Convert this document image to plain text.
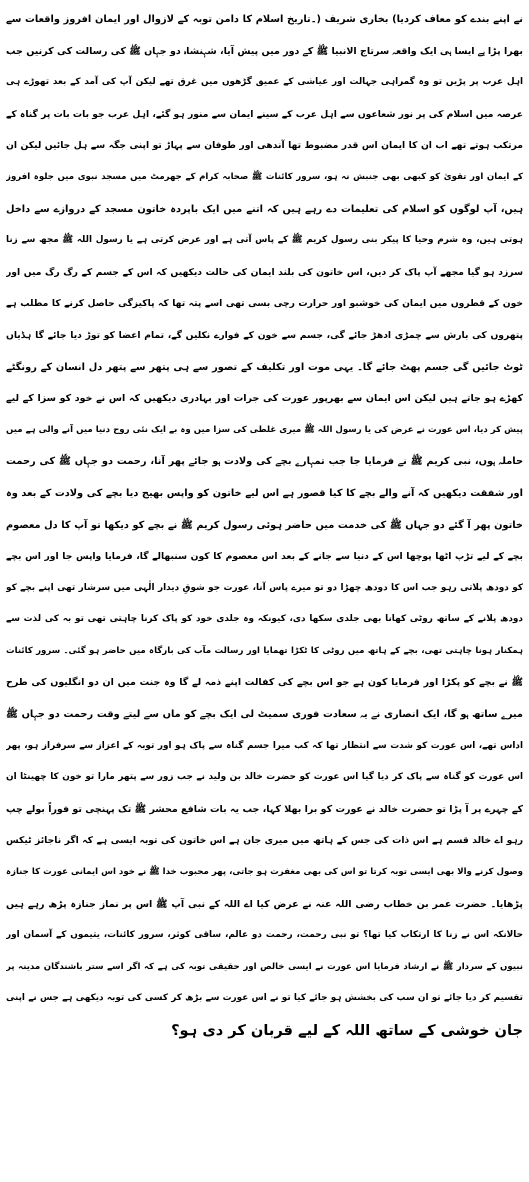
نے اپنے بندے کو معاف کردیا) بخاری شریف (۔تاریخ اسلام کا دامن توبہ کے لازوال اور ایمان افروز واقعات سے
بھرا پڑا ہے ایسا ہی ایک واقعہ سرتاج الانبیا ﷺ کے دور میں پیش آیا، شہنشاہ دو جہاں ﷺ کی رسالت کی کرنیں جب
اہل عرب پر پڑیں تو وہ گمراہی جہالت اور عیاشی کے عمیق گڑھوں میں غرق تھے لیکن آپ کی آمد کے بعد تھوڑے ہی
عرصہ میں اسلام کی پر نور شعاعوں سے اہل عرب کے سینے ایمان سے منور ہو گئے، اہل عرب جو بات بات پر گناہ کے
مرتکب ہوتے تھے اب ان کا ایمان اس قدر مضبوط تھا آندھی اور طوفان سے پہاڑ تو اپنی جگہ سے ہل جائیں لیکن ان
کے ایمان اور تقویٰ کو کبھی بھی جنبش نہ ہو، سرور کائنات ﷺ صحابہ کرام کے جھرمٹ میں مسجد نبوی میں جلوہ افروز
ہیں، آپ لوگوں کو اسلام کی تعلیمات دے رہے ہیں کہ اتنے میں ایک باپردہ خاتون مسجد کے دروازے سے داخل
ہوتی ہیں، وہ شرم وحیا کا پیکر بنی رسول کریم ﷺ کے پاس آتی ہے اور عرض کرتی ہے یا رسول اللہ ﷺ مجھ سے زنا
سرزد ہو گیا مجھے آپ پاک کر دیں، اس خاتون کی بلند ایمان کی حالت دیکھیں کہ اس کے جسم کے رگ رگ میں اور
خون کے قطروں میں ایمان کی خوشبو اور حرارت رچی بسی تھی اسے پتہ تھا کہ پاکیزگی حاصل کرنے کا مطلب ہے
پتھروں کی بارش سے چمڑی ادھڑ جائے گی، جسم سے خون کے فوارے نکلیں گے، تمام اعضا کو توڑ دیا جائے گا ہڈیاں
ٹوٹ جائیں گی جسم پھٹ جائے گا۔ یہی موت اور تکلیف کے تصور سے ہی پتھر سے پتھر دل انسان کے رونگٹے
کھڑے ہو جاتے ہیں لیکن اس ایمان سے بھرپور عورت کی جرات اور بہادری دیکھیں کہ اس نے خود کو سزا کے لیے
پیش کر دیا، اس عورت نے عرض کی یا رسول اللہ ﷺ میری غلطی کی سزا میں وہ بے ایک نئی روح دنیا میں آنے والی ہے میں
حاملہ ہوں، نبی کریم ﷺ نے فرمایا جا جب تمہارے بچے کی ولادت ہو جائے پھر آنا، رحمت دو جہاں ﷺ کی رحمت
اور شفقت دیکھیں کہ آنے والے بچے کا کیا قصور ہے اس لیے خاتون کو واپس بھیج دیا بچے کی ولادت کے بعد وہ
خاتون پھر آ گئے دو جہاں ﷺ کی خدمت میں حاضر ہوئی رسول کریم ﷺ نے بچے کو دیکھا تو آپ کا دل معصوم
بچے کے لیے تڑپ اٹھا پوچھا اس کے دنیا سے جانے کے بعد اس معصوم کا کون سنبھالے گا، فرمایا واپس جا اور اس بچے
کو دودھ پلاتی رہو جب اس کا دودھ چھڑا دو تو میرے پاس آنا، عورت جو شوقِ دیدار الٰہی میں سرشار تھی اپنے بچے کو
دودھ پلانے کے ساتھ روٹی کھانا بھی جلدی سکھا دی، کیونکہ وہ جلدی خود کو پاک کرنا چاہتی تھی تو بہ کی لذت سے
ہمکنار ہونا چاہتی تھی، بچے کے ہاتھ میں روٹی کا ٹکڑا تھمایا اور رسالت مآب کی بارگاہ میں حاضر ہو گئی۔ سرور کائنات
ﷺ نے بچے کو پکڑا اور فرمایا کون ہے جو اس بچے کی کفالت اپنے ذمہ لے گا وہ جنت میں ان دو انگلیوں کی طرح
میرے ساتھ ہو گا، ایک انصاری نے یہ سعادت فوری سمیٹ لی ایک بچے کو ماں سے لیتے وقت رحمت دو جہاں ﷺ
اداس تھے، اس عورت کو شدت سے انتظار تھا کہ کب میرا جسم گناہ سے پاک ہو اور توبہ کے اعزاز سے سرفراز ہو، پھر
اس عورت کو گناہ سے پاک کر دیا گیا اس عورت کو حضرت خالد بن ولید نے جب زور سے پتھر مارا تو خون کا چھینٹا ان
کے چہرے پر آ پڑا تو حضرت خالد نے عورت کو برا بھلا کہا، جب یہ بات شافع محشر ﷺ تک پہنچی تو فوراً بولے چپ
رہو اے خالد قسم ہے اس ذات کی جس کے ہاتھ میں میری جان ہے اس خاتون کی توبہ ایسی ہے کہ اگر ناجائز ٹیکس
وصول کرنے والا بھی ایسی توبہ کرتا تو اس کی بھی مغفرت ہو جاتی، پھر محبوب خدا ﷺ نے خود اس ایمانی عورت کا جنازہ
پڑھایا۔ حضرت عمر بن خطاب رضی اللہ عنہ نے عرض کیا اے اللہ کے نبی آپ ﷺ اس پر نماز جنازہ پڑھ رہے ہیں
حالانکہ اس نے زنا کا ارتکاب کیا تھا؟ تو نبی رحمت، رحمت دو عالم، ساقی کوثر، سرور کائنات، یتیموں کے آسمان اور
نبیوں کے سردار ﷺ نے ارشاد فرمایا اس عورت نے ایسی خالص اور حقیقی توبہ کی ہے کہ اگر اسے ستر باشندگان مدینہ پر
تقسیم کر دیا جائے تو ان سب کی بخشش ہو جائے کیا تو نے اس عورت سے بڑھ کر کسی کی توبہ دیکھی ہے جس نے اپنی
جان خوشی کے ساتھ اللہ کے لیے قربان کر دی ہو؟
